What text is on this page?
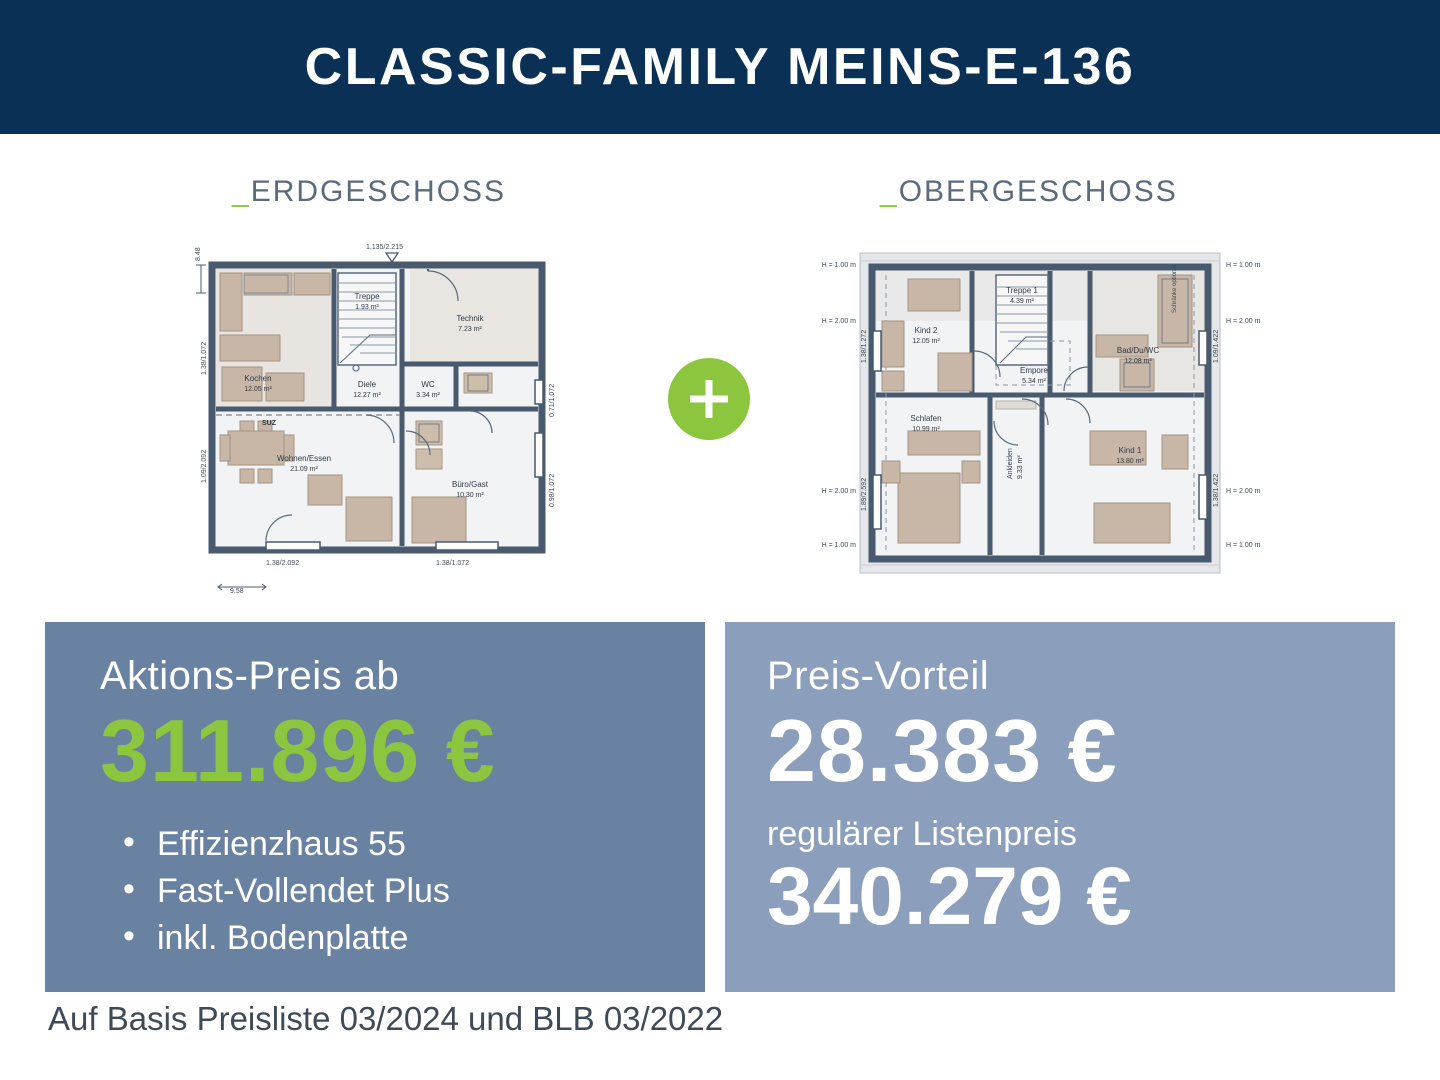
CLASSIC-FAMILY MEINS-E-136
_ERDGESCHOSS	_OBERGESCHOSS
1.135/2.215
8.48
1.38/1.072
1.09/2.092
0.71/1.072
0.98/1.072
1.38/2.092	1.38/1.072
9.58
SUZ
Treppe
1.93 m²
Technik
7.23 m²
Kochen
12.05 m²
Diele
12.27 m²
WC
3.34 m²
Wohnen/Essen
21.09 m²
Büro/Gast
10.30 m²
Schränke optional
H = 1.00 m
H = 2.00 m
H = 2.00 m
H = 1.00 m
H = 1.00 m
H = 2.00 m
H = 2.00 m
H = 1.00 m
1.38/1.272
1.89/2.592
1.09/1.422
1.38/1.422
Treppe 1
4.39 m²
Kind 2
12.05 m²
Bad/Du/WC
12.08 m²
Empore
5.34 m²
Schlafen
10.99 m²
Kind 1
13.80 m²
Ankleiden 9.33 m²
Aktions-Preis ab
311.896 €
• Effizienzhaus 55
• Fast-Vollendet Plus
• inkl. Bodenplatte
Preis-Vorteil
28.383 €
regulärer Listenpreis
340.279 €
Auf Basis Preisliste 03/2024 und BLB 03/2022
